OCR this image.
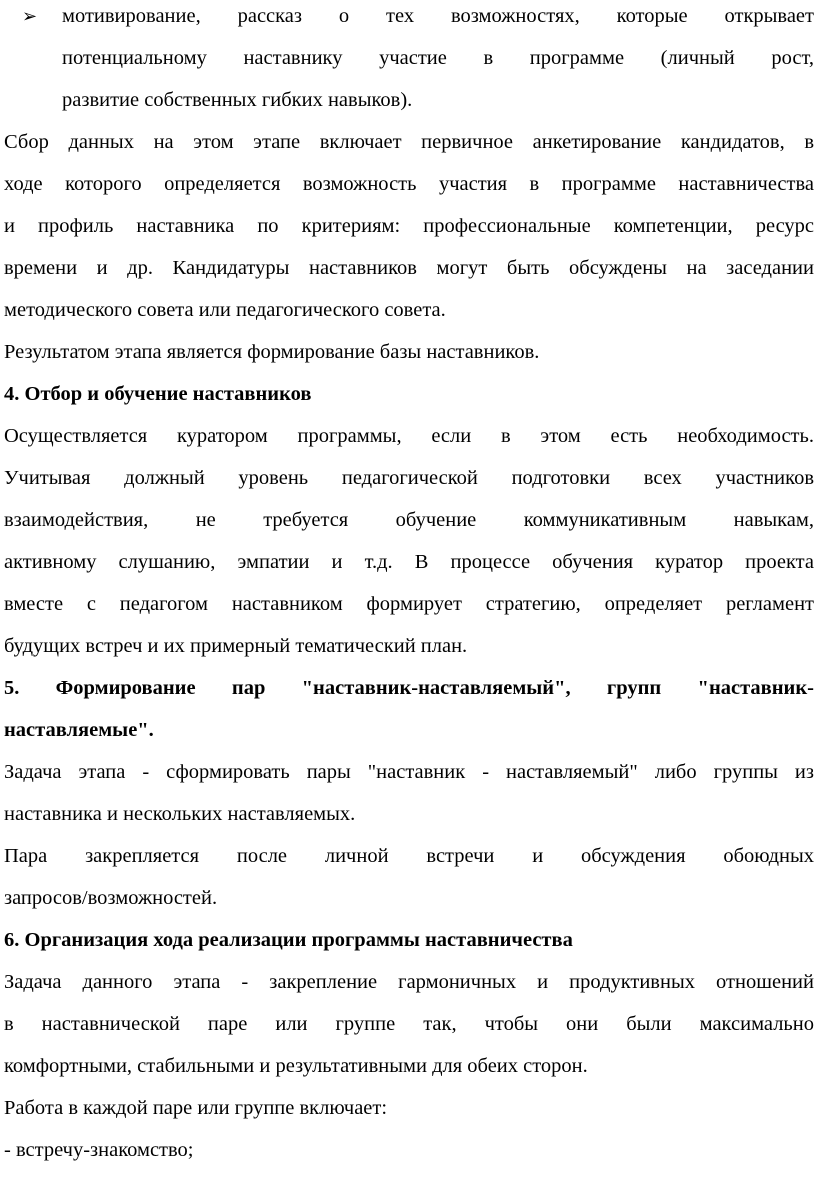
➢ мотивирование, рассказ о тех возможностях, которые открывает
потенциальному наставнику участие в программе (личный рост,
развитие собственных гибких навыков).
Сбор данных на этом этапе включает первичное анкетирование кандидатов, в
ходе которого определяется возможность участия в программе наставничества
и профиль наставника по критериям: профессиональные компетенции, ресурс
времени и др. Кандидатуры наставников могут быть обсуждены на заседании
методического совета или педагогического совета.
Результатом этапа является формирование базы наставников.
4. Отбор и обучение наставников
Осуществляется куратором программы, если в этом есть необходимость.
Учитывая должный уровень педагогической подготовки всех участников
взаимодействия, не требуется обучение коммуникативным навыкам,
активному слушанию, эмпатии и т.д. В процессе обучения куратор проекта
вместе с педагогом наставником формирует стратегию, определяет регламент
будущих встреч и их примерный тематический план.
5. Формирование пар "наставник-наставляемый", групп "наставник-
наставляемые".
Задача этапа - сформировать пары "наставник - наставляемый" либо группы из
наставника и нескольких наставляемых.
Пара закрепляется после личной встречи и обсуждения обоюдных
запросов/возможностей.
6. Организация хода реализации программы наставничества
Задача данного этапа - закрепление гармоничных и продуктивных отношений
в наставнической паре или группе так, чтобы они были максимально
комфортными, стабильными и результативными для обеих сторон.
Работа в каждой паре или группе включает:
- встречу-знакомство;
